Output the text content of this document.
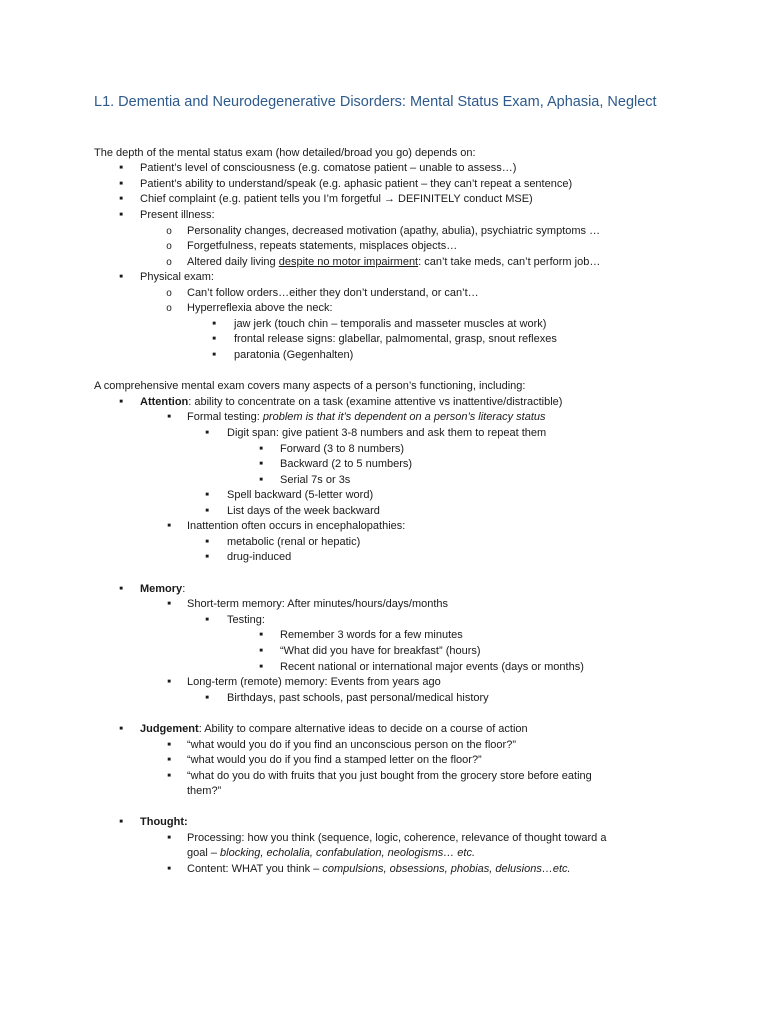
L1. Dementia and Neurodegenerative Disorders: Mental Status Exam, Aphasia, Neglect
The depth of the mental status exam (how detailed/broad you go) depends on:
■	Patient’s level of consciousness (e.g. comatose patient – unable to assess…)
■	Patient’s ability to understand/speak (e.g. aphasic patient – they can’t repeat a sentence)
■	Chief complaint (e.g. patient tells you I’m forgetful → DEFINITELY conduct MSE)
■	Present illness:
o	Personality changes, decreased motivation (apathy, abulia), psychiatric symptoms …
o	Forgetfulness, repeats statements, misplaces objects…
o	Altered daily living despite no motor impairment: can’t take meds, can’t perform job…
■	Physical exam:
o	Can’t follow orders…either they don’t understand, or can’t…
o	Hyperreflexia above the neck:
■	jaw jerk (touch chin – temporalis and masseter muscles at work)
■	frontal release signs: glabellar, palmomental, grasp, snout reflexes
■	paratonia (Gegenhalten)
A comprehensive mental exam covers many aspects of a person’s functioning, including:
■	Attention: ability to concentrate on a task (examine attentive vs inattentive/distractible)
■	Formal testing: problem is that it’s dependent on a person’s literacy status
■	Digit span: give patient 3-8 numbers and ask them to repeat them
■	Forward (3 to 8 numbers)
■	Backward (2 to 5 numbers)
■	Serial 7s or 3s
■	Spell backward (5-letter word)
■	List days of the week backward
■	Inattention often occurs in encephalopathies:
■	metabolic (renal or hepatic)
■	drug-induced
■	Memory:
■	Short-term memory: After minutes/hours/days/months
■	Testing:
■	Remember 3 words for a few minutes
■	“What did you have for breakfast” (hours)
■	Recent national or international major events (days or months)
■	Long-term (remote) memory: Events from years ago
■	Birthdays, past schools, past personal/medical history
■	Judgement: Ability to compare alternative ideas to decide on a course of action
■	“what would you do if you find an unconscious person on the floor?”
■	“what would you do if you find a stamped letter on the floor?”
■	“what do you do with fruits that you just bought from the grocery store before eating
them?”
■	Thought:
■	Processing: how you think (sequence, logic, coherence, relevance of thought toward a
goal – blocking, echolalia, confabulation, neologisms… etc.
■	Content: WHAT you think – compulsions, obsessions, phobias, delusions…etc.
